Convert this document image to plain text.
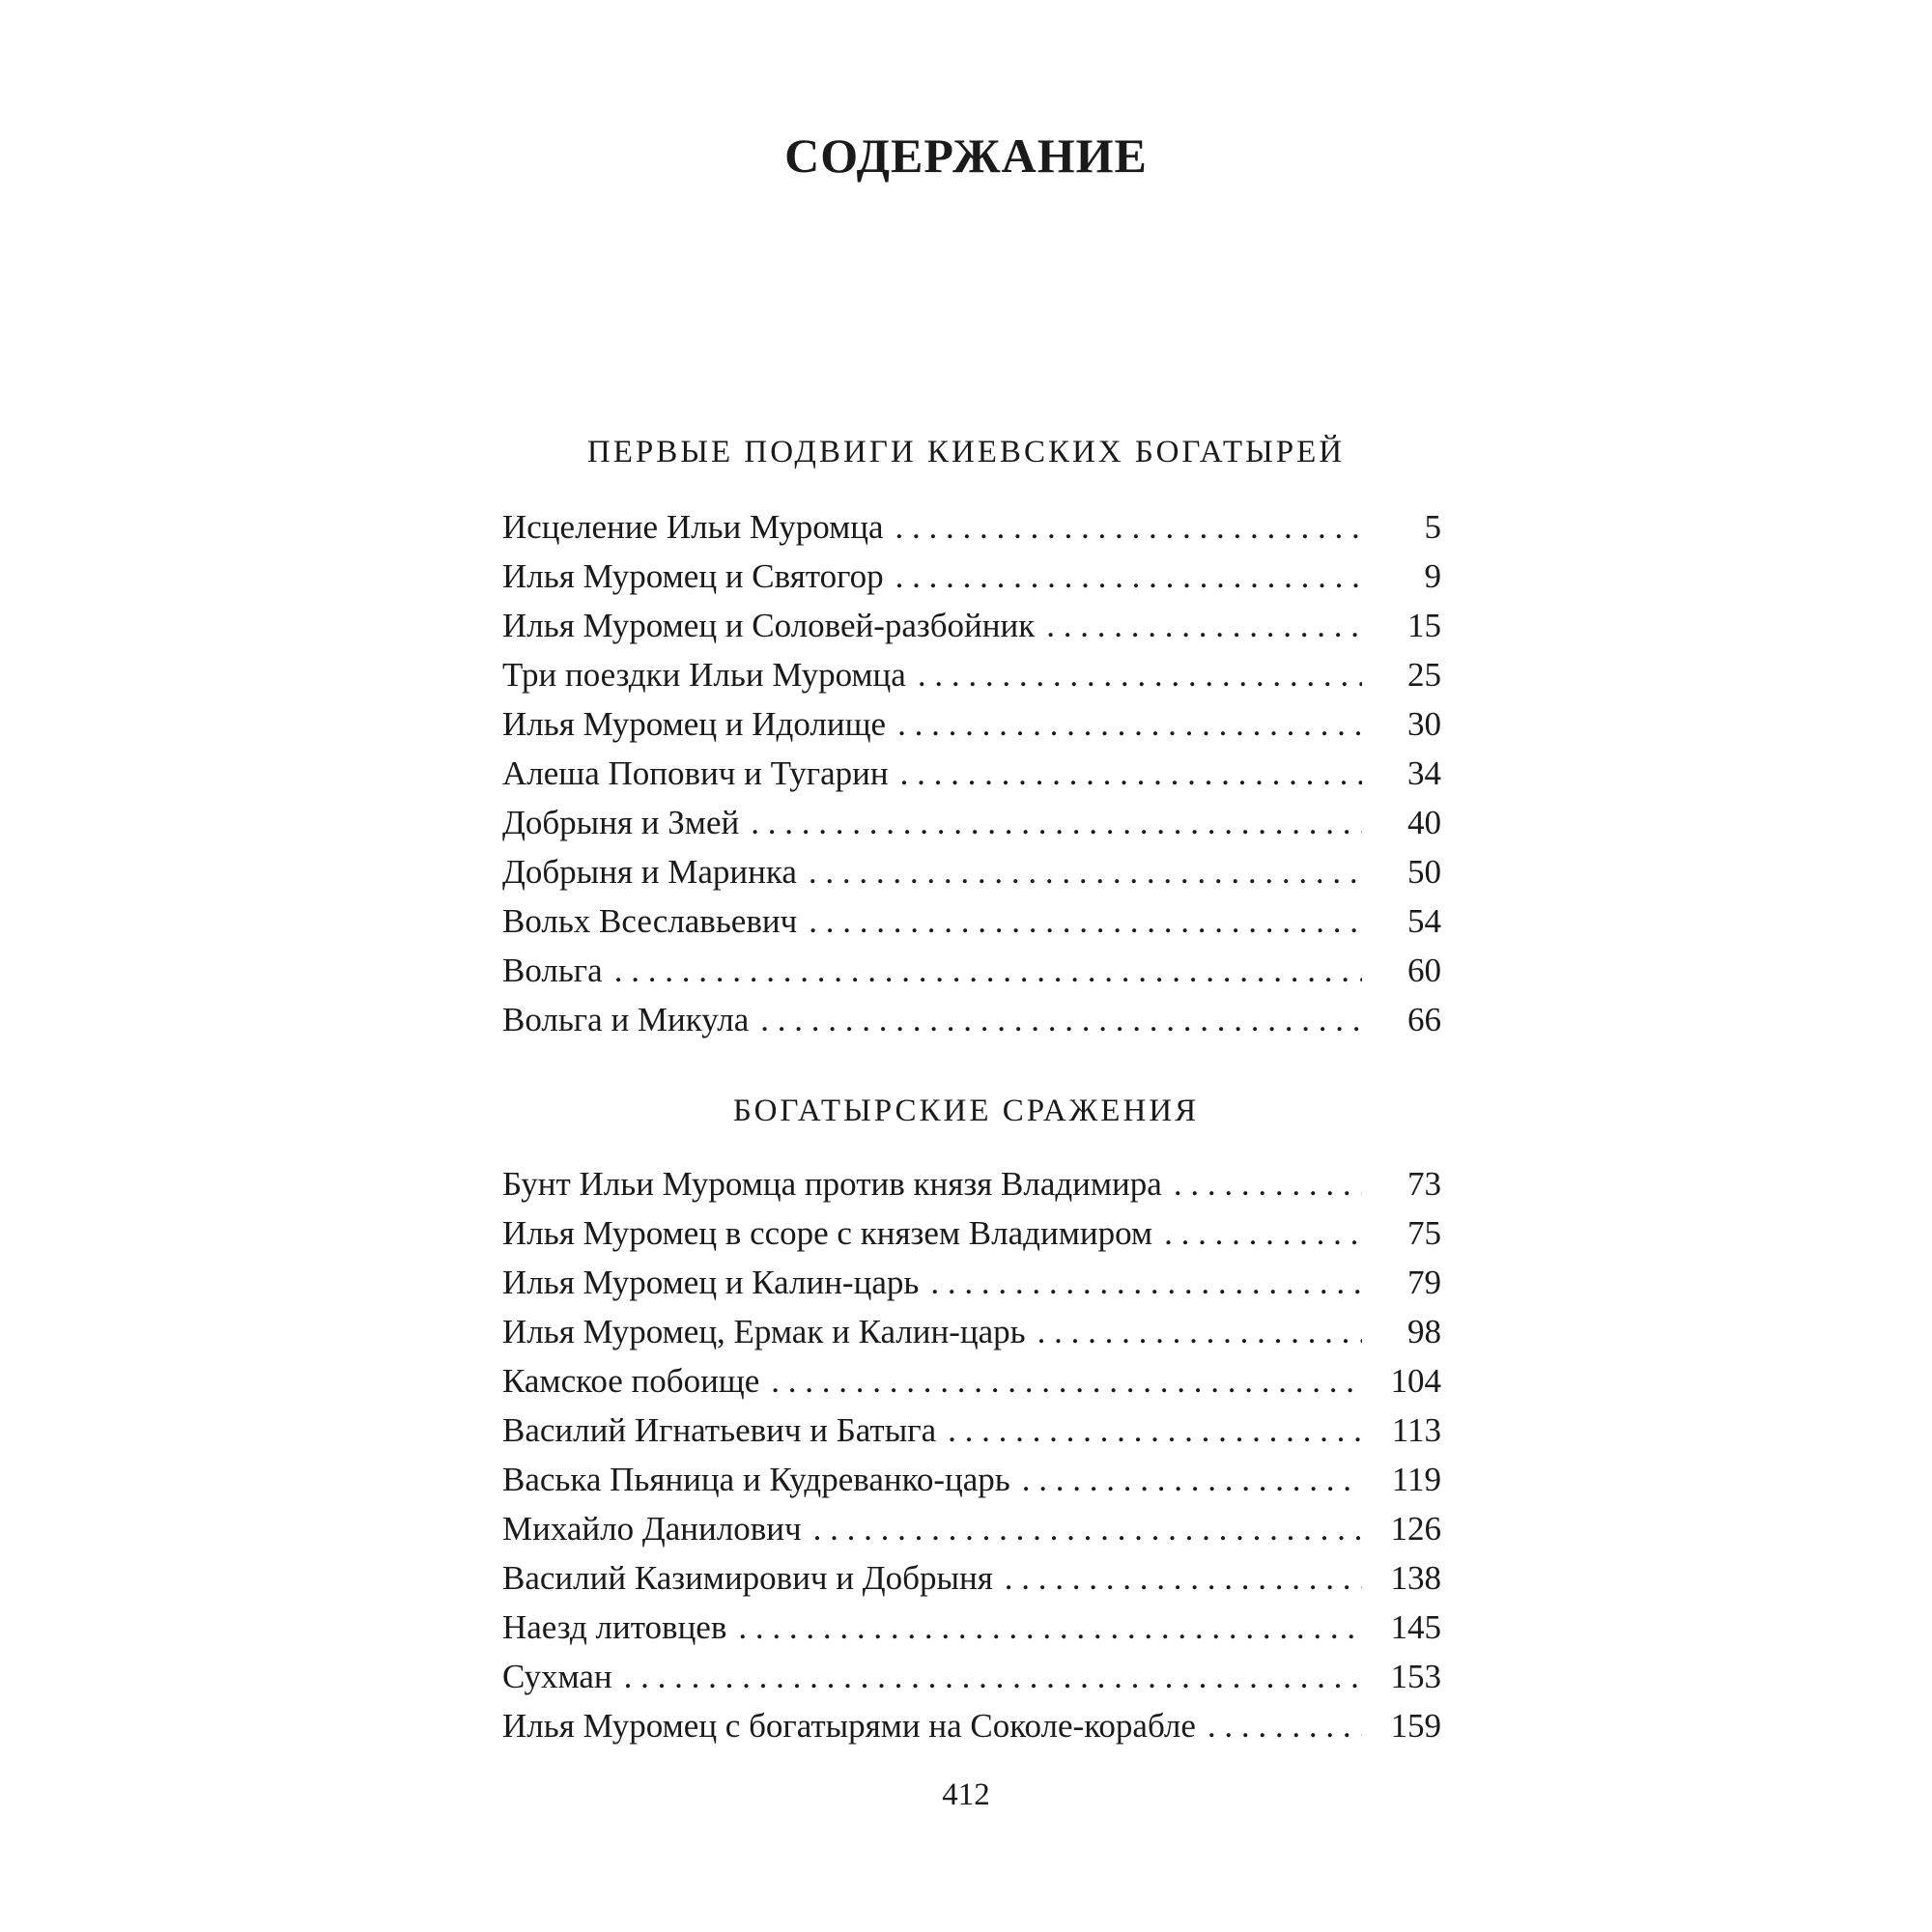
СОДЕРЖАНИЕ
ПЕРВЫЕ ПОДВИГИ КИЕВСКИХ БОГАТЫРЕЙ
Исцеление Ильи Муромца . . .	5
Илья Муромец и Святогор . . .	9
Илья Муромец и Соловей-разбойник . . .	15
Три поездки Ильи Муромца . . .	25
Илья Муромец и Идолище . . .	30
Алеша Попович и Тугарин . . .	34
Добрыня и Змей . . .	40
Добрыня и Маринка . . .	50
Вольх Всеславьевич . . .	54
Вольга . . .	60
Вольга и Микула . . .	66
БОГАТЫРСКИЕ СРАЖЕНИЯ
Бунт Ильи Муромца против князя Владимира . . .	73
Илья Муромец в ссоре с князем Владимиром . . .	75
Илья Муромец и Калин-царь . . .	79
Илья Муромец, Ермак и Калин-царь . . .	98
Камское побоище . . .	104
Василий Игнатьевич и Батыга . . .	113
Васька Пьяница и Кудреванко-царь . . .	119
Михайло Данилович . . .	126
Василий Казимирович и Добрыня . . .	138
Наезд литовцев . . .	145
Сухман . . .	153
Илья Муромец с богатырями на Соколе-корабле . . .	159
412
